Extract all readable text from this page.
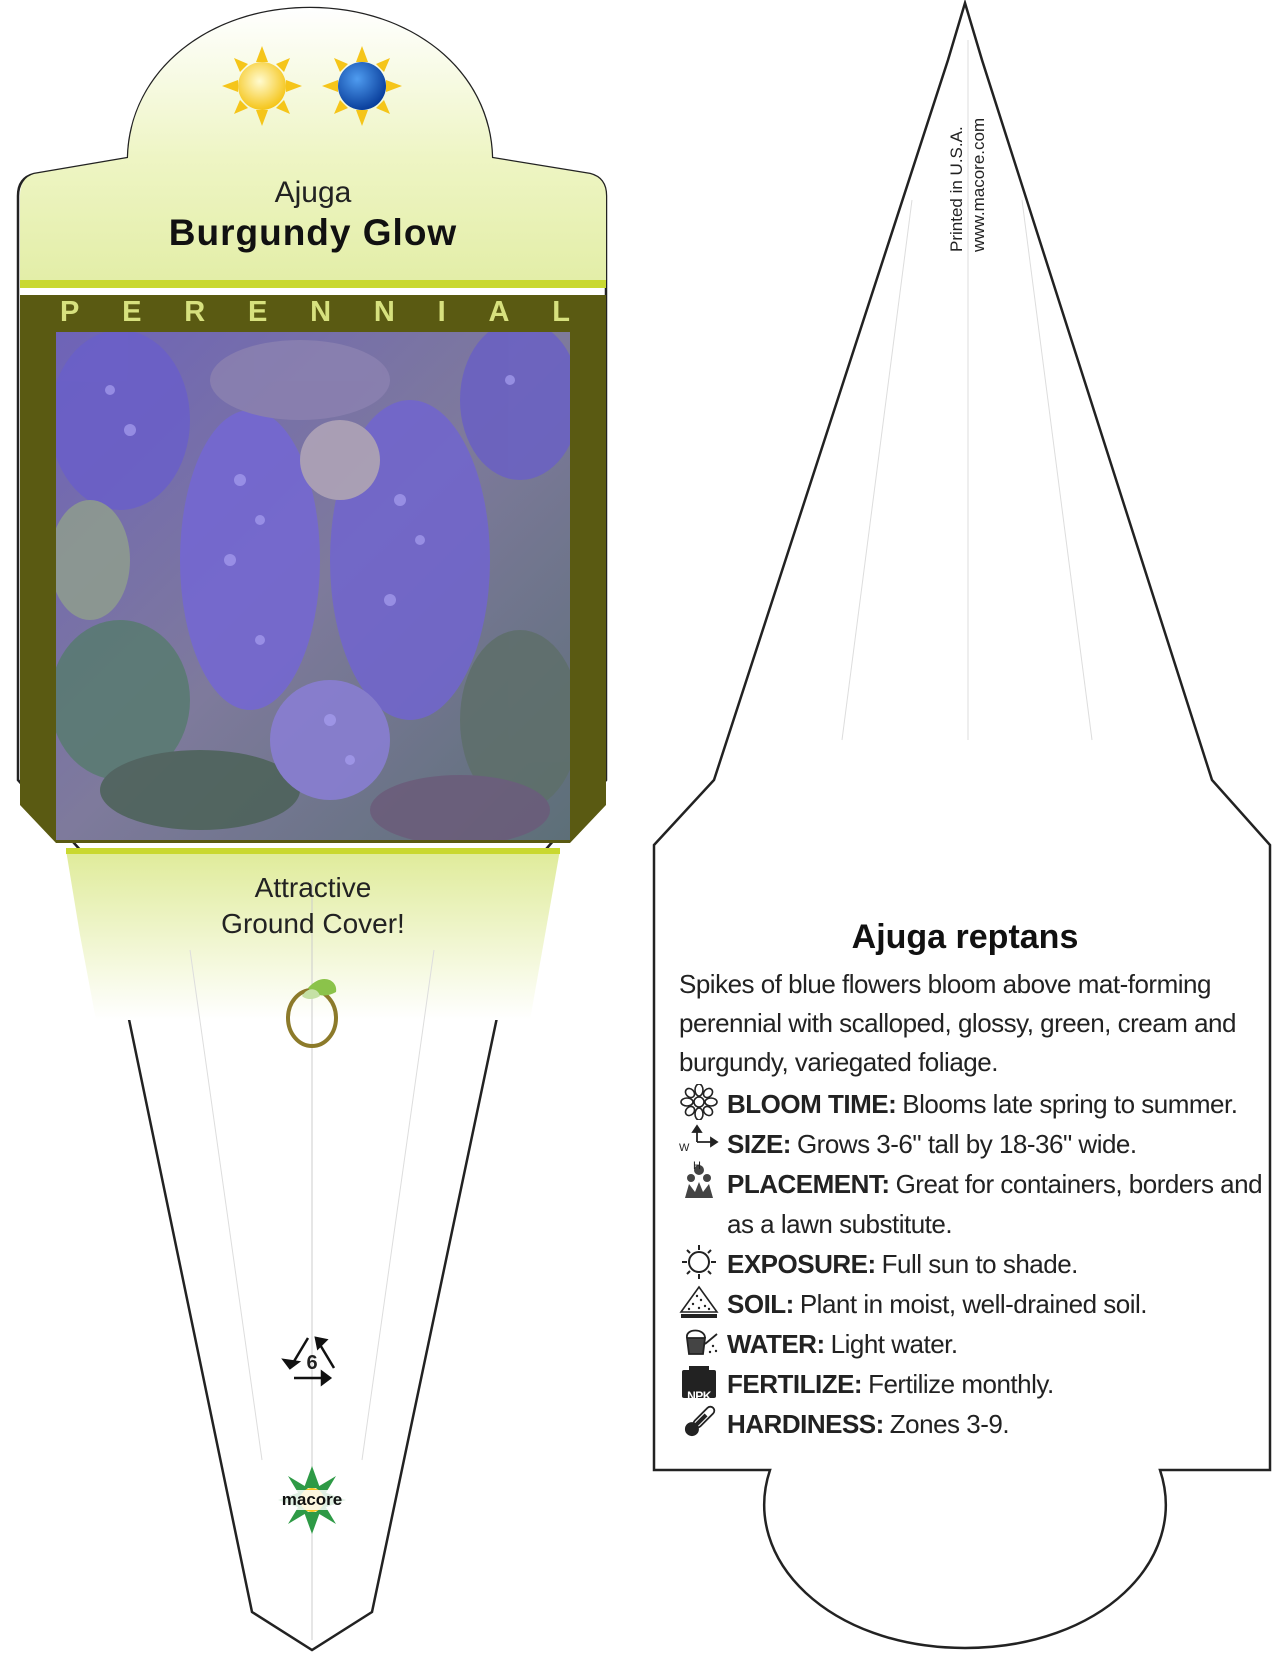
Ajuga
Burgundy Glow
P E R E N N I A L
Attractive
Ground Cover!
6
macore
Printed in U.S.A. www.macore.com
Ajuga reptans
Spikes of blue flowers bloom above mat-forming perennial with scalloped, glossy, green, cream and burgundy, variegated foliage.
BLOOM TIME: Blooms late spring to summer.
W
H
SIZE: Grows 3-6" tall by 18-36" wide.
PLACEMENT: Great for containers, borders and as a lawn substitute.
EXPOSURE: Full sun to shade.
SOIL: Plant in moist, well-drained soil.
WATER: Light water.
NPK FERTILIZE: Fertilize monthly.
HARDINESS: Zones 3-9.
